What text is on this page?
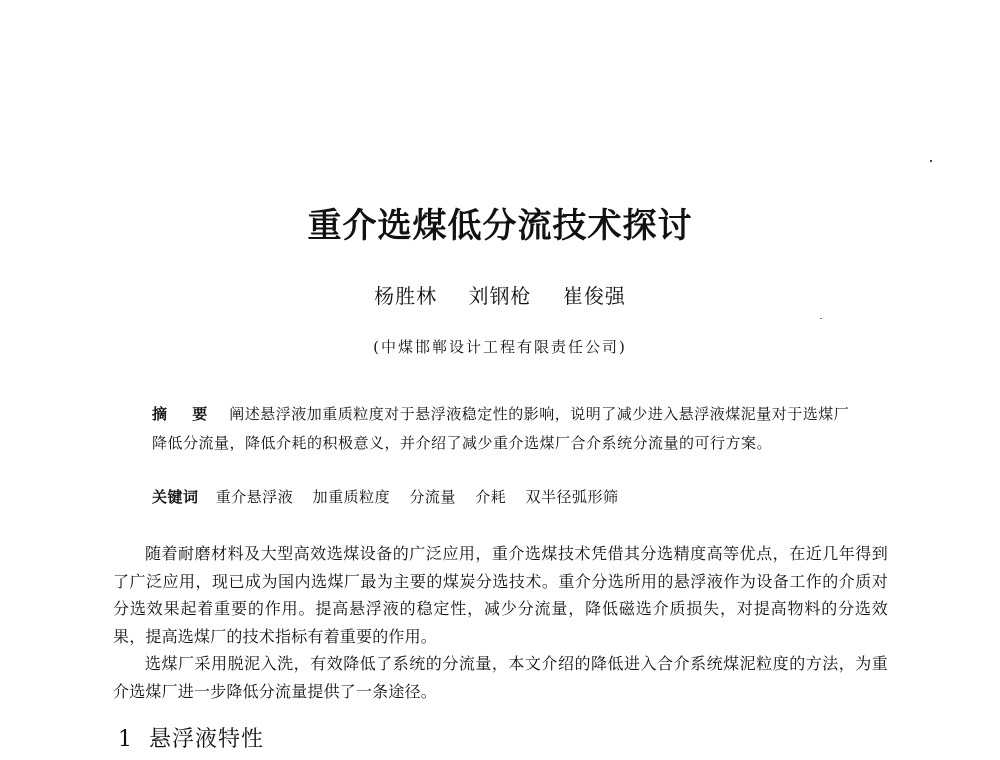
重介选煤低分流技术探讨
杨胜林 刘钢枪 崔俊强
(中煤邯郸设计工程有限责任公司)
摘 要 阐述悬浮液加重质粒度对于悬浮液稳定性的影响，说明了减少进入悬浮液煤泥量对于选煤厂降低分流量，降低介耗的积极意义，并介绍了减少重介选煤厂合介系统分流量的可行方案。
关键词 重介悬浮液 加重质粒度 分流量 介耗 双半径弧形筛

随着耐磨材料及大型高效选煤设备的广泛应用，重介选煤技术凭借其分选精度高等优点，在近几年得到了广泛应用，现已成为国内选煤厂最为主要的煤炭分选技术。重介分选所用的悬浮液作为设备工作的介质对分选效果起着重要的作用。提高悬浮液的稳定性，减少分流量，降低磁选介质损失，对提高物料的分选效果，提高选煤厂的技术指标有着重要的作用。

选煤厂采用脱泥入洗，有效降低了系统的分流量，本文介绍的降低进入合介系统煤泥粒度的方法，为重介选煤厂进一步降低分流量提供了一条途径。

1 悬浮液特性
